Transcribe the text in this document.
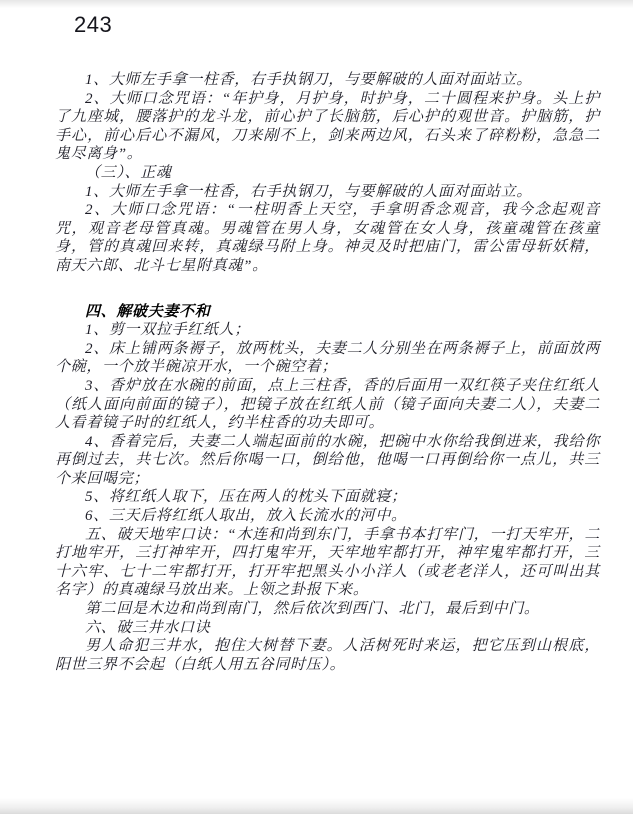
243

1、大师左手拿一柱香，右手执钢刀，与要解破的人面对面站立。

2、大师口念咒语：“年护身，月护身，时护身，二十圆程来护身。头上护了九座城，腰落护的龙斗龙，前心护了长脑筋，后心护的观世音。护脑筋，护手心，前心后心不漏风，刀来剐不上，剑来两边风，石头来了碎粉粉，急急二鬼尽离身”。

（三）、正魂

1、大师左手拿一柱香，右手执钢刀，与要解破的人面对面站立。

2、大师口念咒语：“一柱明香上天空，手拿明香念观音，我今念起观音咒，观音老母管真魂。男魂管在男人身，女魂管在女人身，孩童魂管在孩童身，管的真魂回来转，真魂绿马附上身。神灵及时把庙门，雷公雷母斩妖精，南天六郎、北斗七星附真魂”。

四、解破夫妻不和

1、剪一双拉手红纸人；

2、床上铺两条褥子，放两枕头，夫妻二人分别坐在两条褥子上，前面放两个碗，一个放半碗凉开水，一个碗空着；

3、香炉放在水碗的前面，点上三柱香，香的后面用一双红筷子夹住红纸人（纸人面向前面的镜子），把镜子放在红纸人前（镜子面向夫妻二人），夫妻二人看着镜子时的红纸人，约半柱香的功夫即可。

4、香着完后，夫妻二人端起面前的水碗，把碗中水你给我倒进来，我给你再倒过去，共七次。然后你喝一口，倒给他，他喝一口再倒给你一点儿，共三个来回喝完；

5、将红纸人取下，压在两人的枕头下面就寝；

6、三天后将红纸人取出，放入长流水的河中。

五、破天地牢口诀：“木连和尚到东门，手拿书本打牢门，一打天牢开，二打地牢开，三打神牢开，四打鬼牢开，天牢地牢都打开，神牢鬼牢都打开，三十六牢、七十二牢都打开，打开牢把黑头小小洋人（或老老洋人，还可叫出其名字）的真魂绿马放出来。上领之卦报下来。

第二回是木边和尚到南门，然后依次到西门、北门，最后到中门。

六、破三井水口诀

男人命犯三井水，抱住大树替下妻。人活树死时来运，把它压到山根底，阳世三界不会起（白纸人用五谷同时压）。
